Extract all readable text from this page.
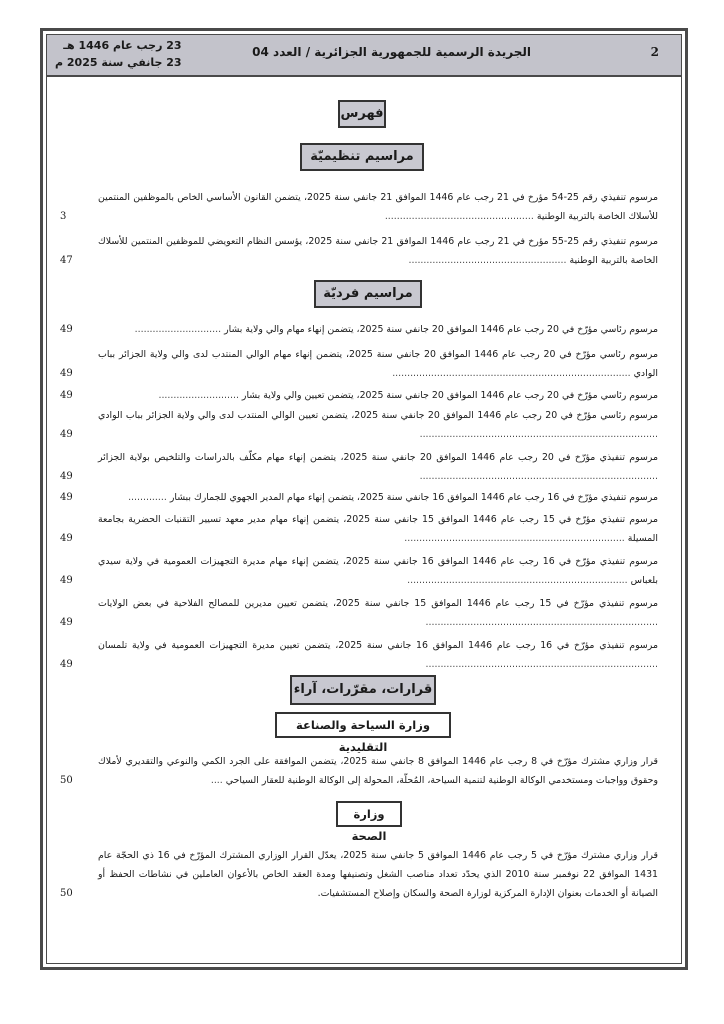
2
الجريدة الرسمية للجمهورية الجزائرية / العدد 04
23 رجب عام 1446 هـ
23 جانفي سنة 2025 م
فهرس
مراسيم تنظيميّة
مرسوم تنفيذي رقم 25-54 مؤرخ في 21 رجب عام 1446 الموافق 21 جانفي سنة 2025، يتضمن القانون الأساسي الخاص بالموظفين المنتمين للأسلاك الخاصة بالتربية الوطنية ..................................................
3
مرسوم تنفيذي رقم 25-55 مؤرخ في 21 رجب عام 1446 الموافق 21 جانفي سنة 2025، يؤسس النظام التعويضي للموظفين المنتمين للأسلاك الخاصة بالتربية الوطنية .....................................................
47
مراسيم فرديّة
مرسوم رئاسي مؤرّخ في 20 رجب عام 1446 الموافق 20 جانفي سنة 2025، يتضمن إنهاء مهام والي ولاية بشار .............................
49
مرسوم رئاسي مؤرّخ في 20 رجب عام 1446 الموافق 20 جانفي سنة 2025، يتضمن إنهاء مهام الوالي المنتدب لدى والي ولاية الجزائر بباب الوادي ................................................................................
49
مرسوم رئاسي مؤرّخ في 20 رجب عام 1446 الموافق 20 جانفي سنة 2025، يتضمن تعيين والي ولاية بشار ...........................
49
مرسوم رئاسي مؤرّخ في 20 رجب عام 1446 الموافق 20 جانفي سنة 2025، يتضمن تعيين الوالي المنتدب لدى والي ولاية الجزائر بباب الوادي ................................................................................
49
مرسوم تنفيذي مؤرّخ في 20 رجب عام 1446 الموافق 20 جانفي سنة 2025، يتضمن إنهاء مهام مكلّف بالدراسات والتلخيص بولاية الجزائر ................................................................................
49
مرسوم تنفيذي مؤرّخ في 16 رجب عام 1446 الموافق 16 جانفي سنة 2025، يتضمن إنهاء مهام المدير الجهوي للجمارك ببشار .............
49
مرسوم تنفيذي مؤرّخ في 15 رجب عام 1446 الموافق 15 جانفي سنة 2025، يتضمن إنهاء مهام مدير معهد تسيير التقنيات الحضرية بجامعة المسيلة ..........................................................................
49
مرسوم تنفيذي مؤرّخ في 16 رجب عام 1446 الموافق 16 جانفي سنة 2025، يتضمن إنهاء مهام مديرة التجهيزات العمومية في ولاية سيدي بلعباس ..........................................................................
49
مرسوم تنفيذي مؤرّخ في 15 رجب عام 1446 الموافق 15 جانفي سنة 2025، يتضمن تعيين مديرين للمصالح الفلاحية في بعض الولايات ..............................................................................
49
مرسوم تنفيذي مؤرّخ في 16 رجب عام 1446 الموافق 16 جانفي سنة 2025، يتضمن تعيين مديرة التجهيزات العمومية في ولاية تلمسان ..............................................................................
49
قرارات، مقرّرات، آراء
وزارة السياحة والصناعة التقليدية
قرار وزاري مشترك مؤرّخ في 8 رجب عام 1446 الموافق 8 جانفي سنة 2025، يتضمن الموافقة على الجرد الكمي والنوعي والتقديري لأملاك وحقوق وواجبات ومستخدمي الوكالة الوطنية لتنمية السياحة، المُحلّة، المحولة إلى الوكالة الوطنية للعقار السياحي ....
50
وزارة الصحة
قرار وزاري مشترك مؤرّخ في 5 رجب عام 1446 الموافق 5 جانفي سنة 2025، يعدّل القرار الوزاري المشترك المؤرّخ في 16 ذي الحجّة عام 1431 الموافق 22 نوفمبر سنة 2010 الذي يحدّد تعداد مناصب الشغل وتصنيفها ومدة العقد الخاص بالأعوان العاملين في نشاطات الحفظ أو الصيانة أو الخدمات بعنوان الإدارة المركزية لوزارة الصحة والسكان وإصلاح المستشفيات.
50
